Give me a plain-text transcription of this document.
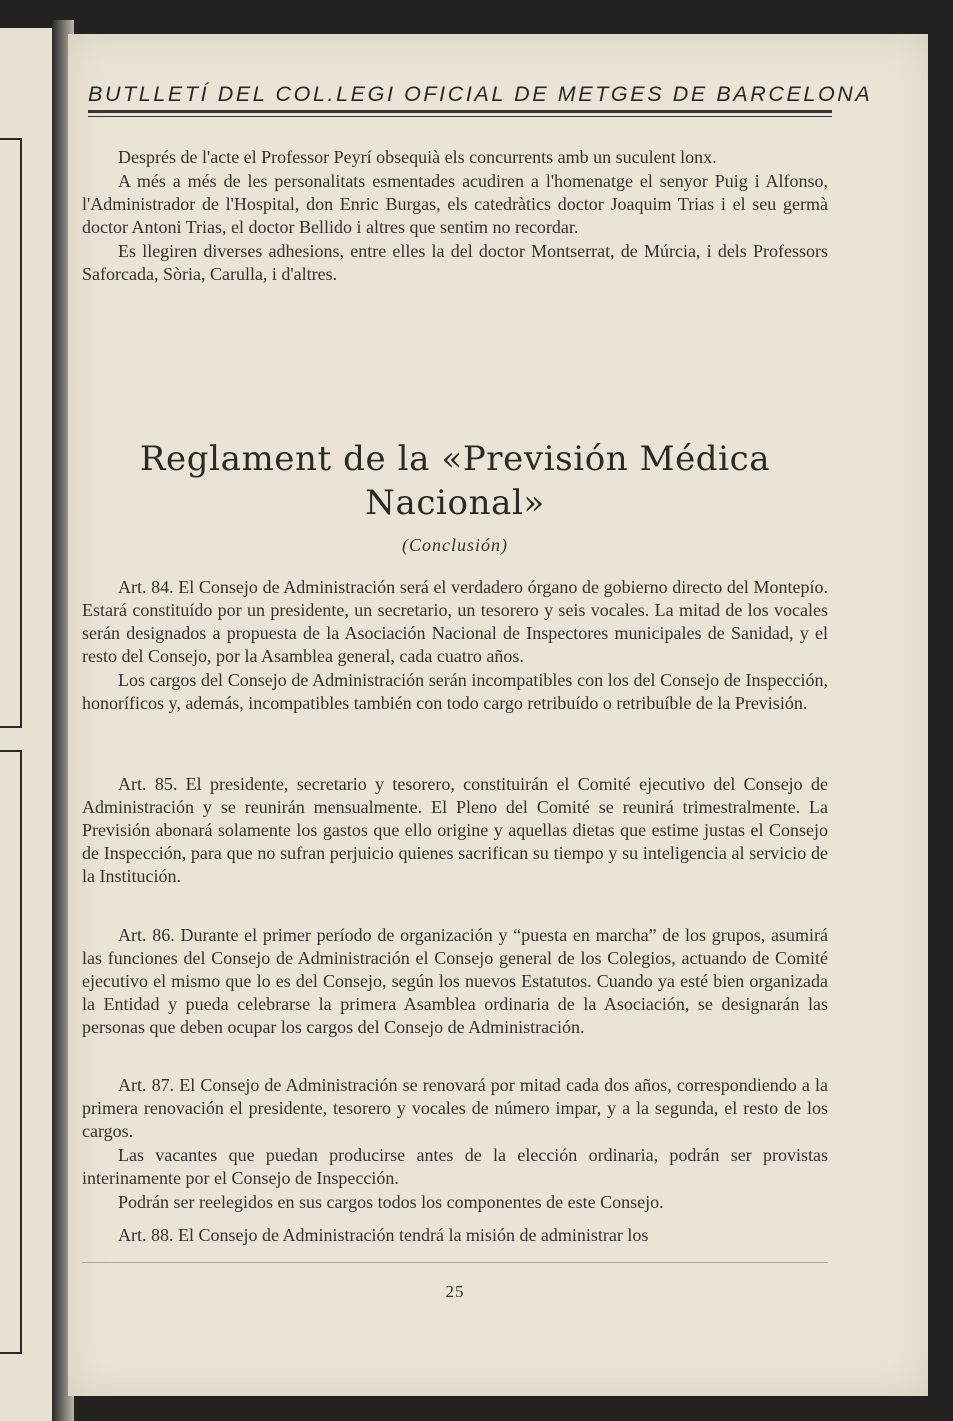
BUTLLETÍ DEL COL.LEGI OFICIAL DE METGES DE BARCELONA

Després de l'acte el Professor Peyrí obsequià els concurrents amb un suculent lonx.

A més a més de les personalitats esmentades acudiren a l'homenatge el senyor Puig i Alfonso, l'Administrador de l'Hospital, don Enric Burgas, els catedràtics doctor Joaquim Trias i el seu germà doctor Antoni Trias, el doctor Bellido i altres que sentim no recordar.

Es llegiren diverses adhesions, entre elles la del doctor Montserrat, de Múrcia, i dels Professors Saforcada, Sòria, Carulla, i d'altres.

Reglament de la «Previsión Médica
Nacional»
(Conclusión)

Art. 84. El Consejo de Administración será el verdadero órgano de gobierno directo del Montepío. Estará constituído por un presidente, un secretario, un tesorero y seis vocales. La mitad de los vocales serán designados a propuesta de la Asociación Nacional de Inspectores municipales de Sanidad, y el resto del Consejo, por la Asamblea general, cada cuatro años.

Los cargos del Consejo de Administración serán incompatibles con los del Consejo de Inspección, honoríficos y, además, incompatibles también con todo cargo retribuído o retribuíble de la Previsión.

Art. 85. El presidente, secretario y tesorero, constituirán el Comité ejecutivo del Consejo de Administración y se reunirán mensualmente. El Pleno del Comité se reunirá trimestralmente. La Previsión abonará solamente los gastos que ello origine y aquellas dietas que estime justas el Consejo de Inspección, para que no sufran perjuicio quienes sacrifican su tiempo y su inteligencia al servicio de la Institución.

Art. 86. Durante el primer período de organización y “puesta en marcha” de los grupos, asumirá las funciones del Consejo de Administración el Consejo general de los Colegios, actuando de Comité ejecutivo el mismo que lo es del Consejo, según los nuevos Estatutos. Cuando ya esté bien organizada la Entidad y pueda celebrarse la primera Asamblea ordinaria de la Asociación, se designarán las personas que deben ocupar los cargos del Consejo de Administración.

Art. 87. El Consejo de Administración se renovará por mitad cada dos años, correspondiendo a la primera renovación el presidente, tesorero y vocales de número impar, y a la segunda, el resto de los cargos.

Las vacantes que puedan producirse antes de la elección ordinaria, podrán ser provistas interinamente por el Consejo de Inspección.

Podrán ser reelegidos en sus cargos todos los componentes de este Consejo.

Art. 88. El Consejo de Administración tendrá la misión de administrar los

25
